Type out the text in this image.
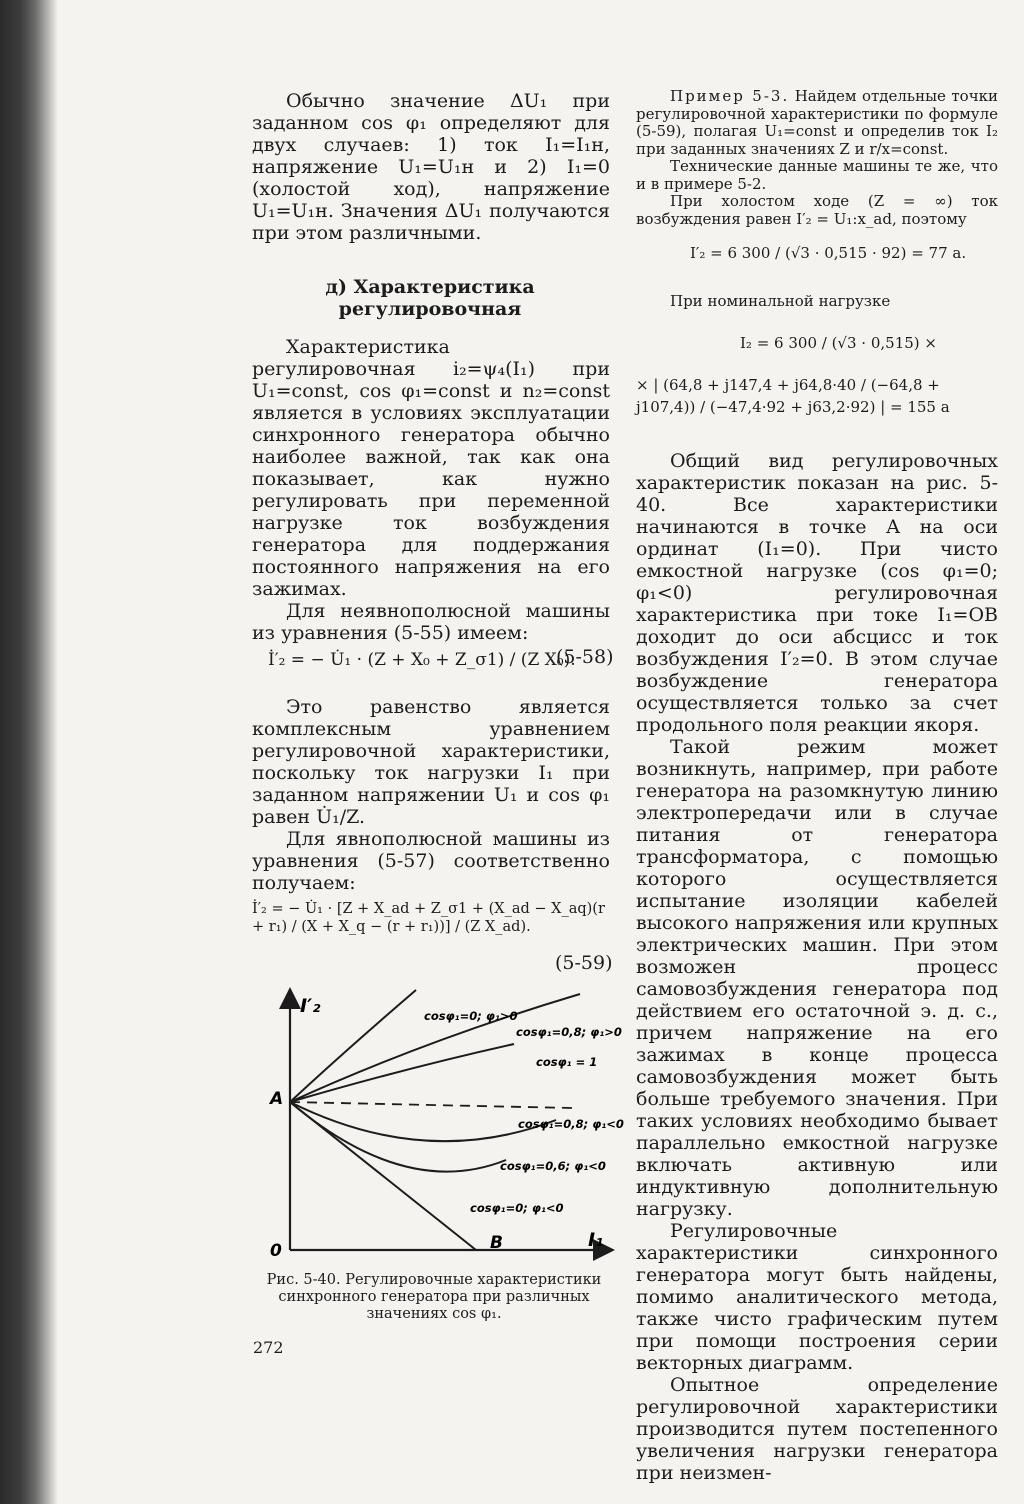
Обычно значение ΔU₁ при заданном cos φ₁ определяют для двух случаев: 1) ток I₁=I₁н, напряжение U₁=U₁н и 2) I₁=0 (холостой ход), напряжение U₁=U₁н. Значения ΔU₁ получаются при этом различными.

д) Характеристика
регулировочная

Характеристика регулировочная i₂=ψ₄(I₁) при U₁=const, cos φ₁=const и n₂=const является в условиях эксплуатации синхронного генератора обычно наиболее важной, так как она показывает, как нужно регулировать при переменной нагрузке ток возбуждения генератора для поддержания постоянного напряжения на его зажимах.

Для неявнополюсной машины из уравнения (5-55) имеем:

İ′₂ = − U̇₁ · (Z + X₀ + Z_σ1) / (Z X₀).
(5-58)

Это равенство является комплексным уравнением регулировочной характеристики, поскольку ток нагрузки I₁ при заданном напряжении U₁ и cos φ₁ равен U̇₁/Z.

Для явнополюсной машины из уравнения (5-57) соответственно получаем:

İ′₂ = − U̇₁ · [Z + X_ad + Z_σ1 + (X_ad − X_aq)(r + r₁) / (X + X_q − (r + r₁))] / (Z X_ad).
(5-59)
I′₂
I₁
0
A
B
cosφ₁=0; φ₁>0
cosφ₁=0,8; φ₁>0
cosφ₁ = 1
cosφ₁=0,8; φ₁<0
cosφ₁=0,6; φ₁<0
cosφ₁=0; φ₁<0
Рис. 5-40. Регулировочные характеристики синхронного генератора при различных значениях cos φ₁.
272

Пример 5-3. Найдем отдельные точки регулировочной характеристики по формуле (5-59), полагая U₁=const и определив ток I₂ при заданных значениях Z и r/x=const.

Технические данные машины те же, что и в примере 5-2.

При холостом ходе (Z = ∞) ток возбуждения равен I′₂ = U₁:x_ad, поэтому

I′₂ = 6 300 / (√3 · 0,515 · 92) = 77 а.
При номинальной нагрузке
I₂ = 6 300 / (√3 · 0,515) ×
× | (64,8 + j147,4 + j64,8·40 / (−64,8 + j107,4)) / (−47,4·92 + j63,2·92) | = 155 а

Общий вид регулировочных характеристик показан на рис. 5-40. Все характеристики начинаются в точке A на оси ординат (I₁=0). При чисто емкостной нагрузке (cos φ₁=0; φ₁<0) регулировочная характеристика при токе I₁=OB доходит до оси абсцисс и ток возбуждения I′₂=0. В этом случае возбуждение генератора осуществляется только за счет продольного поля реакции якоря.

Такой режим может возникнуть, например, при работе генератора на разомкнутую линию электропередачи или в случае питания от генератора трансформатора, с помощью которого осуществляется испытание изоляции кабелей высокого напряжения или крупных электрических машин. При этом возможен процесс самовозбуждения генератора под действием его остаточной э. д. с., причем напряжение на его зажимах в конце процесса самовозбуждения может быть больше требуемого значения. При таких условиях необходимо бывает параллельно емкостной нагрузке включать активную или индуктивную дополнительную нагрузку.

Регулировочные характеристики синхронного генератора могут быть найдены, помимо аналитического метода, также чисто графическим путем при помощи построения серии векторных диаграмм.

Опытное определение регулировочной характеристики производится путем постепенного увеличения нагрузки генератора при неизмен-
